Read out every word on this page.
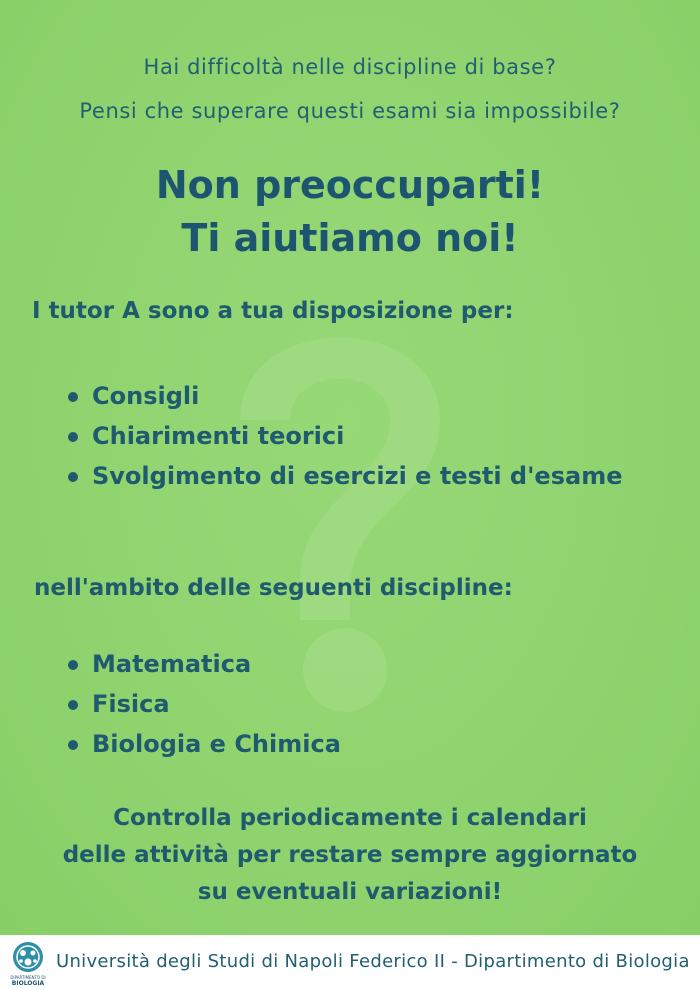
Hai difficoltà nelle discipline di base?
Pensi che superare questi esami sia impossibile?
Non preoccuparti!
Ti aiutiamo noi!
I tutor A sono a tua disposizione per:
Consigli
Chiarimenti teorici
Svolgimento di esercizi e testi d'esame
nell'ambito delle seguenti discipline:
Matematica
Fisica
Biologia e Chimica
Controlla periodicamente i calendari
delle attività per restare sempre aggiornato
su eventuali variazioni!
DIPARTIMENTO DI
BIOLOGIA
Università degli Studi di Napoli Federico II - Dipartimento di Biologia
